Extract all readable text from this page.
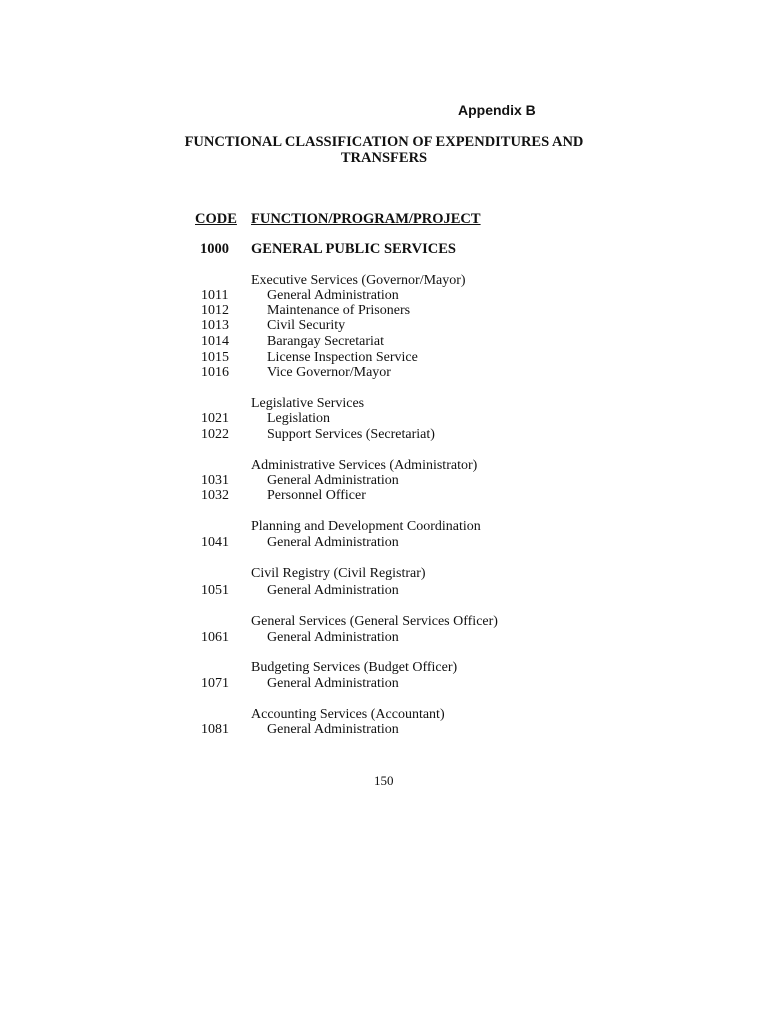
Appendix B
FUNCTIONAL CLASSIFICATION OF EXPENDITURES AND
TRANSFERS
CODE FUNCTION/PROGRAM/PROJECT
1000 GENERAL PUBLIC SERVICES
Executive Services (Governor/Mayor)
1011	General Administration
1012	Maintenance of Prisoners
1013	Civil Security
1014	Barangay Secretariat
1015	License Inspection Service
1016	Vice Governor/Mayor
Legislative Services
1021	Legislation
1022	Support Services (Secretariat)
Administrative Services (Administrator)
1031	General Administration
1032	Personnel Officer
Planning and Development Coordination
1041	General Administration
Civil Registry (Civil Registrar)
1051	General Administration
General Services (General Services Officer)
1061	General Administration
Budgeting Services (Budget Officer)
1071	General Administration
Accounting Services (Accountant)
1081	General Administration
150
